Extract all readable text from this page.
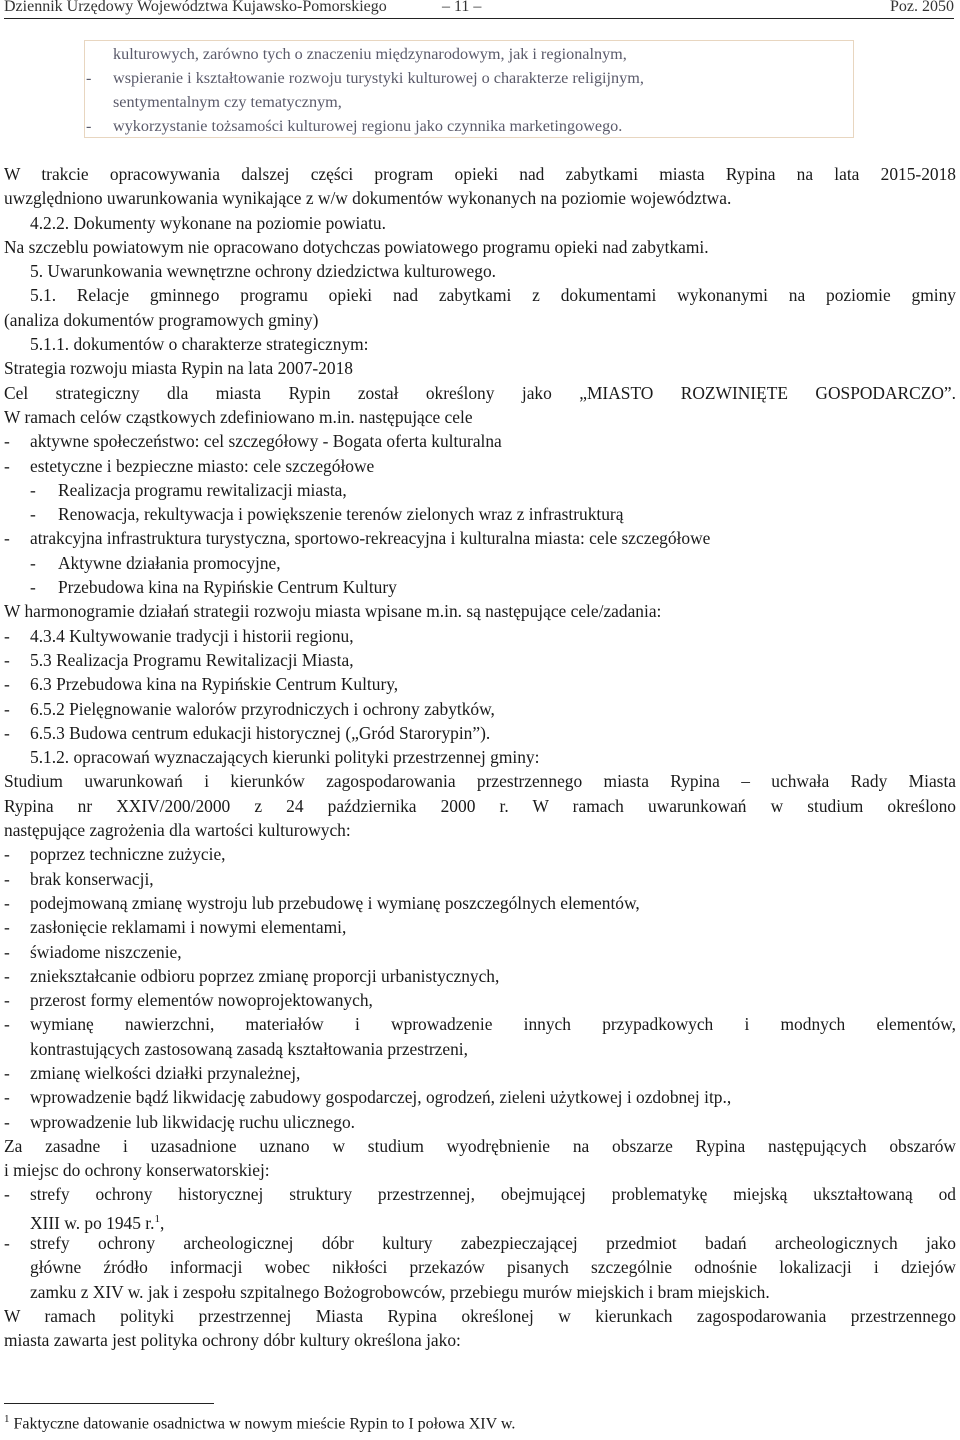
Dziennik Urzędowy Województwa Kujawsko-Pomorskiego	– 11 –	Poz. 2050
kulturowych, zarówno tych o znaczeniu międzynarodowym, jak i regionalnym,
- wspieranie i kształtowanie rozwoju turystyki kulturowej o charakterze religijnym,
sentymentalnym czy tematycznym,
- wykorzystanie tożsamości kulturowej regionu jako czynnika marketingowego.
W trakcie opracowywania dalszej części program opieki nad zabytkami miasta Rypina na lata 2015-2018
uwzględniono uwarunkowania wynikające z w/w dokumentów wykonanych na poziomie województwa.
4.2.2. Dokumenty wykonane na poziomie powiatu.
Na szczeblu powiatowym nie opracowano dotychczas powiatowego programu opieki nad zabytkami.
5. Uwarunkowania wewnętrzne ochrony dziedzictwa kulturowego.
5.1. Relacje gminnego programu opieki nad zabytkami z dokumentami wykonanymi na poziomie gminy
(analiza dokumentów programowych gminy)
5.1.1. dokumentów o charakterze strategicznym:
Strategia rozwoju miasta Rypin na lata 2007-2018
Cel strategiczny dla miasta Rypin został określony jako „MIASTO ROZWINIĘTE GOSPODARCZO”.
W ramach celów cząstkowych zdefiniowano m.in. następujące cele
- aktywne społeczeństwo: cel szczegółowy - Bogata oferta kulturalna
- estetyczne i bezpieczne miasto: cele szczegółowe
- Realizacja programu rewitalizacji miasta,
- Renowacja, rekultywacja i powiększenie terenów zielonych wraz z infrastrukturą
- atrakcyjna infrastruktura turystyczna, sportowo-rekreacyjna i kulturalna miasta: cele szczegółowe
- Aktywne działania promocyjne,
- Przebudowa kina na Rypińskie Centrum Kultury
W harmonogramie działań strategii rozwoju miasta wpisane m.in. są następujące cele/zadania:
- 4.3.4 Kultywowanie tradycji i historii regionu,
- 5.3 Realizacja Programu Rewitalizacji Miasta,
- 6.3 Przebudowa kina na Rypińskie Centrum Kultury,
- 6.5.2 Pielęgnowanie walorów przyrodniczych i ochrony zabytków,
- 6.5.3 Budowa centrum edukacji historycznej („Gród Starorypin”).
5.1.2. opracowań wyznaczających kierunki polityki przestrzennej gminy:
Studium uwarunkowań i kierunków zagospodarowania przestrzennego miasta Rypina – uchwała Rady Miasta
Rypina nr XXIV/200/2000 z 24 października 2000 r. W ramach uwarunkowań w studium określono
następujące zagrożenia dla wartości kulturowych:
- poprzez techniczne zużycie,
- brak konserwacji,
- podejmowaną zmianę wystroju lub przebudowę i wymianę poszczególnych elementów,
- zasłonięcie reklamami i nowymi elementami,
- świadome niszczenie,
- zniekształcanie odbioru poprzez zmianę proporcji urbanistycznych,
- przerost formy elementów nowoprojektowanych,
- wymianę nawierzchni, materiałów i wprowadzenie innych przypadkowych i modnych elementów,
kontrastujących zastosowaną zasadą kształtowania przestrzeni,
- zmianę wielkości działki przynależnej,
- wprowadzenie bądź likwidację zabudowy gospodarczej, ogrodzeń, zieleni użytkowej i ozdobnej itp.,
- wprowadzenie lub likwidację ruchu ulicznego.
Za zasadne i uzasadnione uznano w studium wyodrębnienie na obszarze Rypina następujących obszarów
i miejsc do ochrony konserwatorskiej:
- strefy ochrony historycznej struktury przestrzennej, obejmującej problematykę miejską ukształtowaną od
XIII w. po 1945 r.$^1$,
- strefy ochrony archeologicznej dóbr kultury zabezpieczającej przedmiot badań archeologicznych jako
główne źródło informacji wobec nikłości przekazów pisanych szczególnie odnośnie lokalizacji i dziejów
zamku z XIV w. jak i zespołu szpitalnego Bożogrobowców, przebiegu murów miejskich i bram miejskich.
W ramach polityki przestrzennej Miasta Rypina określonej w kierunkach zagospodarowania przestrzennego
miasta zawarta jest polityka ochrony dóbr kultury określona jako:
$^1$ Faktyczne datowanie osadnictwa w nowym mieście Rypin to I połowa XIV w.
